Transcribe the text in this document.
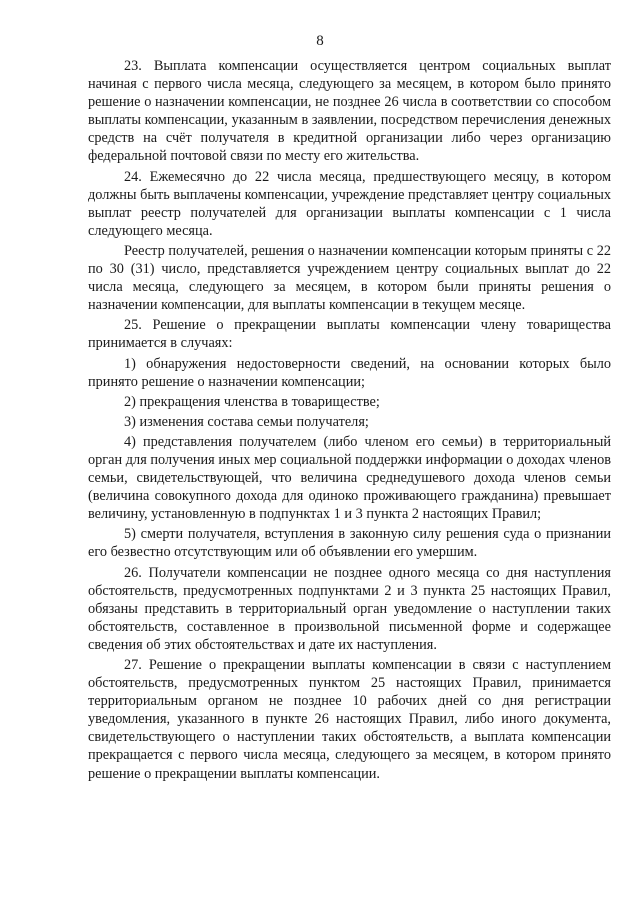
8

23. Выплата компенсации осуществляется центром социальных выплат начиная с первого числа месяца, следующего за месяцем, в котором было принято решение о назначении компенсации, не позднее 26 числа в соответствии со способом выплаты компенсации, указанным в заявлении, посредством перечисления денежных средств на счёт получателя в кредитной организации либо через организацию федеральной почтовой связи по месту его жительства.

24. Ежемесячно до 22 числа месяца, предшествующего месяцу, в котором должны быть выплачены компенсации, учреждение представляет центру социальных выплат реестр получателей для организации выплаты компенсации с 1 числа следующего месяца.

Реестр получателей, решения о назначении компенсации которым приняты с 22 по 30 (31) число, представляется учреждением центру социальных выплат до 22 числа месяца, следующего за месяцем, в котором были приняты решения о назначении компенсации, для выплаты компенсации в текущем месяце.

25. Решение о прекращении выплаты компенсации члену товарищества принимается в случаях:

1) обнаружения недостоверности сведений, на основании которых было принято решение о назначении компенсации;

2) прекращения членства в товариществе;

3) изменения состава семьи получателя;

4) представления получателем (либо членом его семьи) в территориальный орган для получения иных мер социальной поддержки информации о доходах членов семьи, свидетельствующей, что величина среднедушевого дохода членов семьи (величина совокупного дохода для одиноко проживающего гражданина) превышает величину, установленную в подпунктах 1 и 3 пункта 2 настоящих Правил;

5) смерти получателя, вступления в законную силу решения суда о признании его безвестно отсутствующим или об объявлении его умершим.

26. Получатели компенсации не позднее одного месяца со дня наступления обстоятельств, предусмотренных подпунктами 2 и 3 пункта 25 настоящих Правил, обязаны представить в территориальный орган уведомление о наступлении таких обстоятельств, составленное в произвольной письменной форме и содержащее сведения об этих обстоятельствах и дате их наступления.

27. Решение о прекращении выплаты компенсации в связи с наступлением обстоятельств, предусмотренных пунктом 25 настоящих Правил, принимается территориальным органом не позднее 10 рабочих дней со дня регистрации уведомления, указанного в пункте 26 настоящих Правил, либо иного документа, свидетельствующего о наступлении таких обстоятельств, а выплата компенсации прекращается с первого числа месяца, следующего за месяцем, в котором принято решение о прекращении выплаты компенсации.
